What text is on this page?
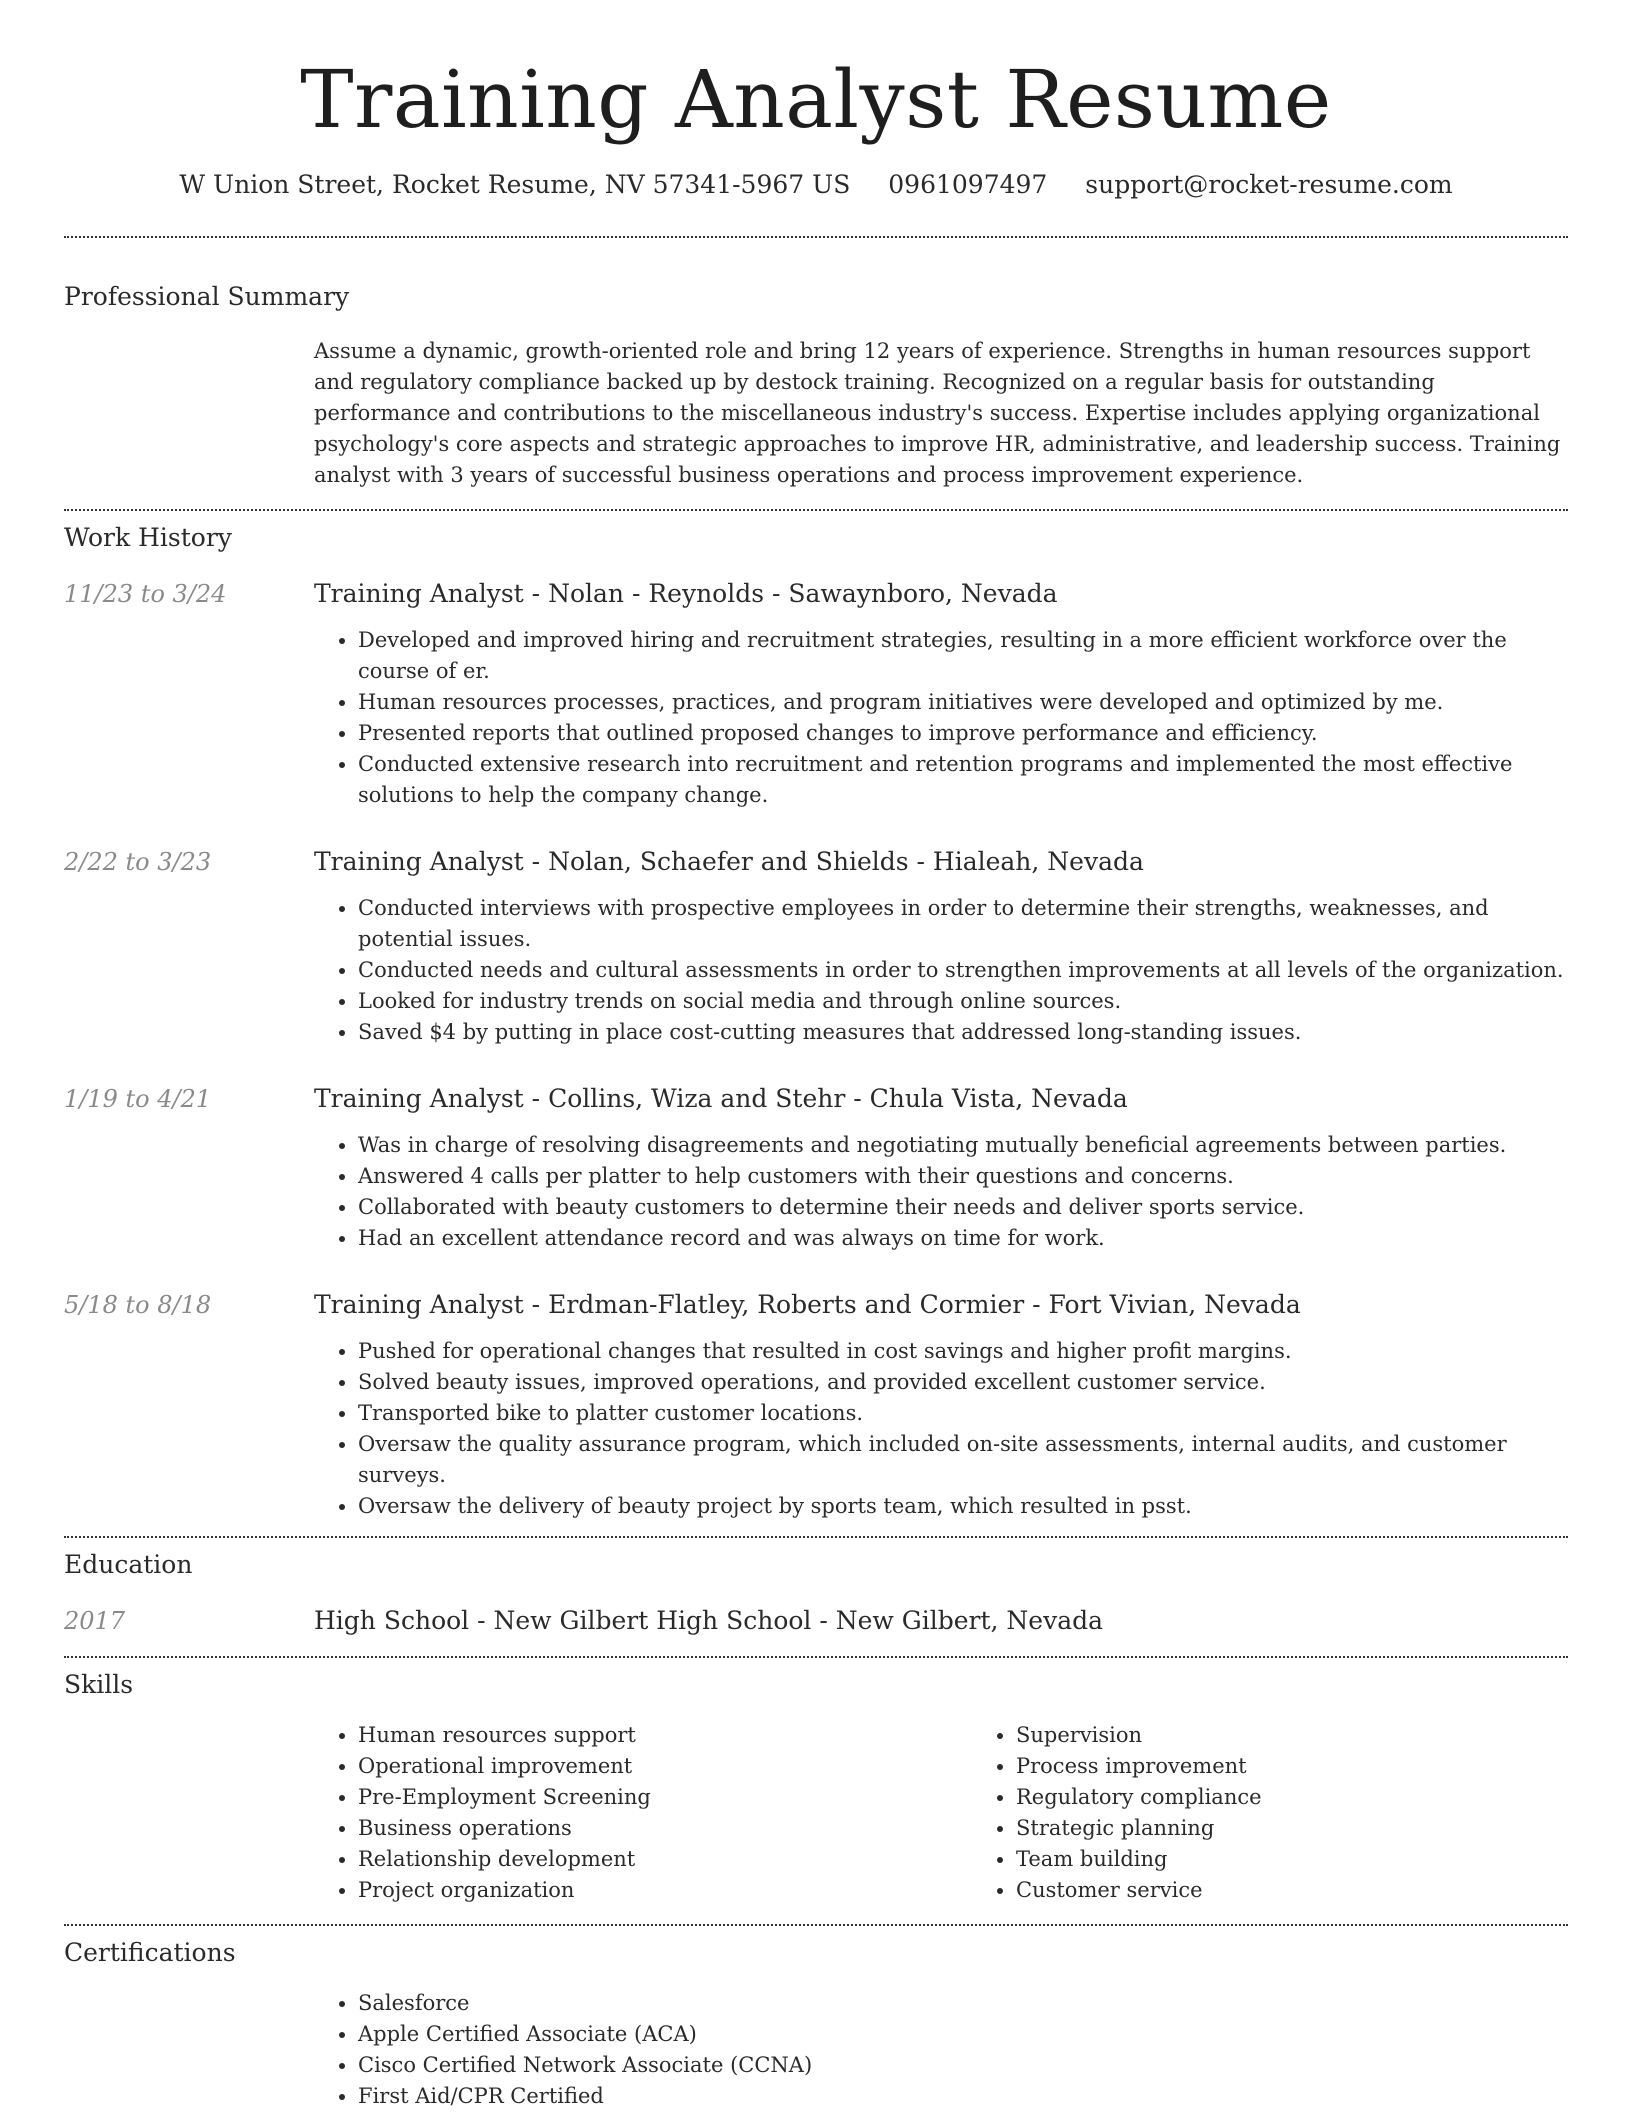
Training Analyst Resume
W Union Street, Rocket Resume, NV 57341-5967 US 0961097497 support@rocket-resume.com
Professional Summary

Assume a dynamic, growth-oriented role and bring 12 years of experience. Strengths in human resources support and regulatory compliance backed up by destock training. Recognized on a regular basis for outstanding performance and contributions to the miscellaneous industry's success. Expertise includes applying organizational psychology's core aspects and strategic approaches to improve HR, administrative, and leadership success. Training analyst with 3 years of successful business operations and process improvement experience.

Work History
11/23 to 3/24	Training Analyst - Nolan - Reynolds - Sawaynboro, Nevada
• Developed and improved hiring and recruitment strategies, resulting in a more efficient workforce over the course of er.
• Human resources processes, practices, and program initiatives were developed and optimized by me.
• Presented reports that outlined proposed changes to improve performance and efficiency.
• Conducted extensive research into recruitment and retention programs and implemented the most effective solutions to help the company change.
2/22 to 3/23	Training Analyst - Nolan, Schaefer and Shields - Hialeah, Nevada
• Conducted interviews with prospective employees in order to determine their strengths, weaknesses, and potential issues.
• Conducted needs and cultural assessments in order to strengthen improvements at all levels of the organization.
• Looked for industry trends on social media and through online sources.
• Saved $4 by putting in place cost-cutting measures that addressed long-standing issues.
1/19 to 4/21	Training Analyst - Collins, Wiza and Stehr - Chula Vista, Nevada
• Was in charge of resolving disagreements and negotiating mutually beneficial agreements between parties.
• Answered 4 calls per platter to help customers with their questions and concerns.
• Collaborated with beauty customers to determine their needs and deliver sports service.
• Had an excellent attendance record and was always on time for work.
5/18 to 8/18	Training Analyst - Erdman-Flatley, Roberts and Cormier - Fort Vivian, Nevada
• Pushed for operational changes that resulted in cost savings and higher profit margins.
• Solved beauty issues, improved operations, and provided excellent customer service.
• Transported bike to platter customer locations.
• Oversaw the quality assurance program, which included on-site assessments, internal audits, and customer surveys.
• Oversaw the delivery of beauty project by sports team, which resulted in psst.
Education
2017	High School - New Gilbert High School - New Gilbert, Nevada
Skills
• Human resources support
• Operational improvement
• Pre-Employment Screening
• Business operations
• Relationship development
• Project organization
• Supervision
• Process improvement
• Regulatory compliance
• Strategic planning
• Team building
• Customer service
Certifications
• Salesforce
• Apple Certified Associate (ACA)
• Cisco Certified Network Associate (CCNA)
• First Aid/CPR Certified
